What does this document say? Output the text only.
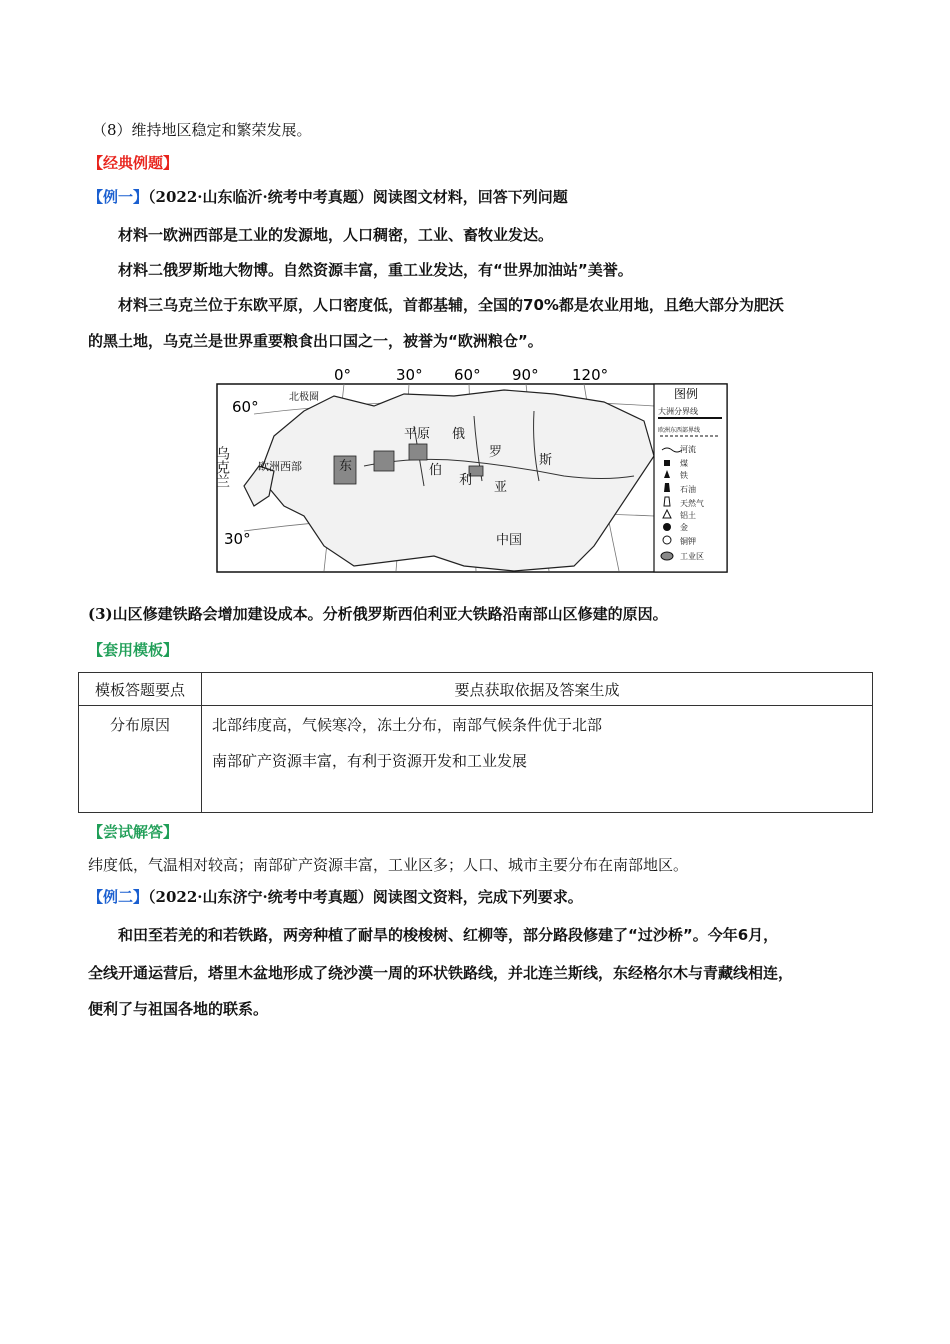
（8）维持地区稳定和繁荣发展。
【经典例题】
【例一】（2022·山东临沂·统考中考真题）阅读图文材料，回答下列问题
材料一欧洲西部是工业的发源地，人口稠密，工业、畜牧业发达。
材料二俄罗斯地大物博。自然资源丰富，重工业发达，有“世界加油站”美誉。
材料三乌克兰位于东欧平原，人口密度低，首都基辅，全国的70%都是农业用地，且绝大部分为肥沃
的黑土地，乌克兰是世界重要粮食出口国之一，被誉为“欧洲粮仓”。
0°	30° 60° 90° 120°
60°
30°
北极圈
乌克兰	欧洲西部	东
平原 俄
罗
斯
伯
利 亚
中国
图例
大洲分界线
欧洲东西部界线
河流
煤
铁
石油
天然气
铝土
金
铜钾
工业区
(3)山区修建铁路会增加建设成本。分析俄罗斯西伯利亚大铁路沿南部山区修建的原因。
【套用模板】
模板答题要点	要点获取依据及答案生成
分布原因	北部纬度高，气候寒冷，冻土分布，南部气候条件优于北部
南部矿产资源丰富，有利于资源开发和工业发展
【尝试解答】
纬度低，气温相对较高；南部矿产资源丰富，工业区多；人口、城市主要分布在南部地区。
【例二】（2022·山东济宁·统考中考真题）阅读图文资料，完成下列要求。
和田至若羌的和若铁路，两旁种植了耐旱的梭梭树、红柳等，部分路段修建了“过沙桥”。今年6月，
全线开通运营后，塔里木盆地形成了绕沙漠一周的环状铁路线，并北连兰斯线，东经格尔木与青藏线相连，
便利了与祖国各地的联系。
